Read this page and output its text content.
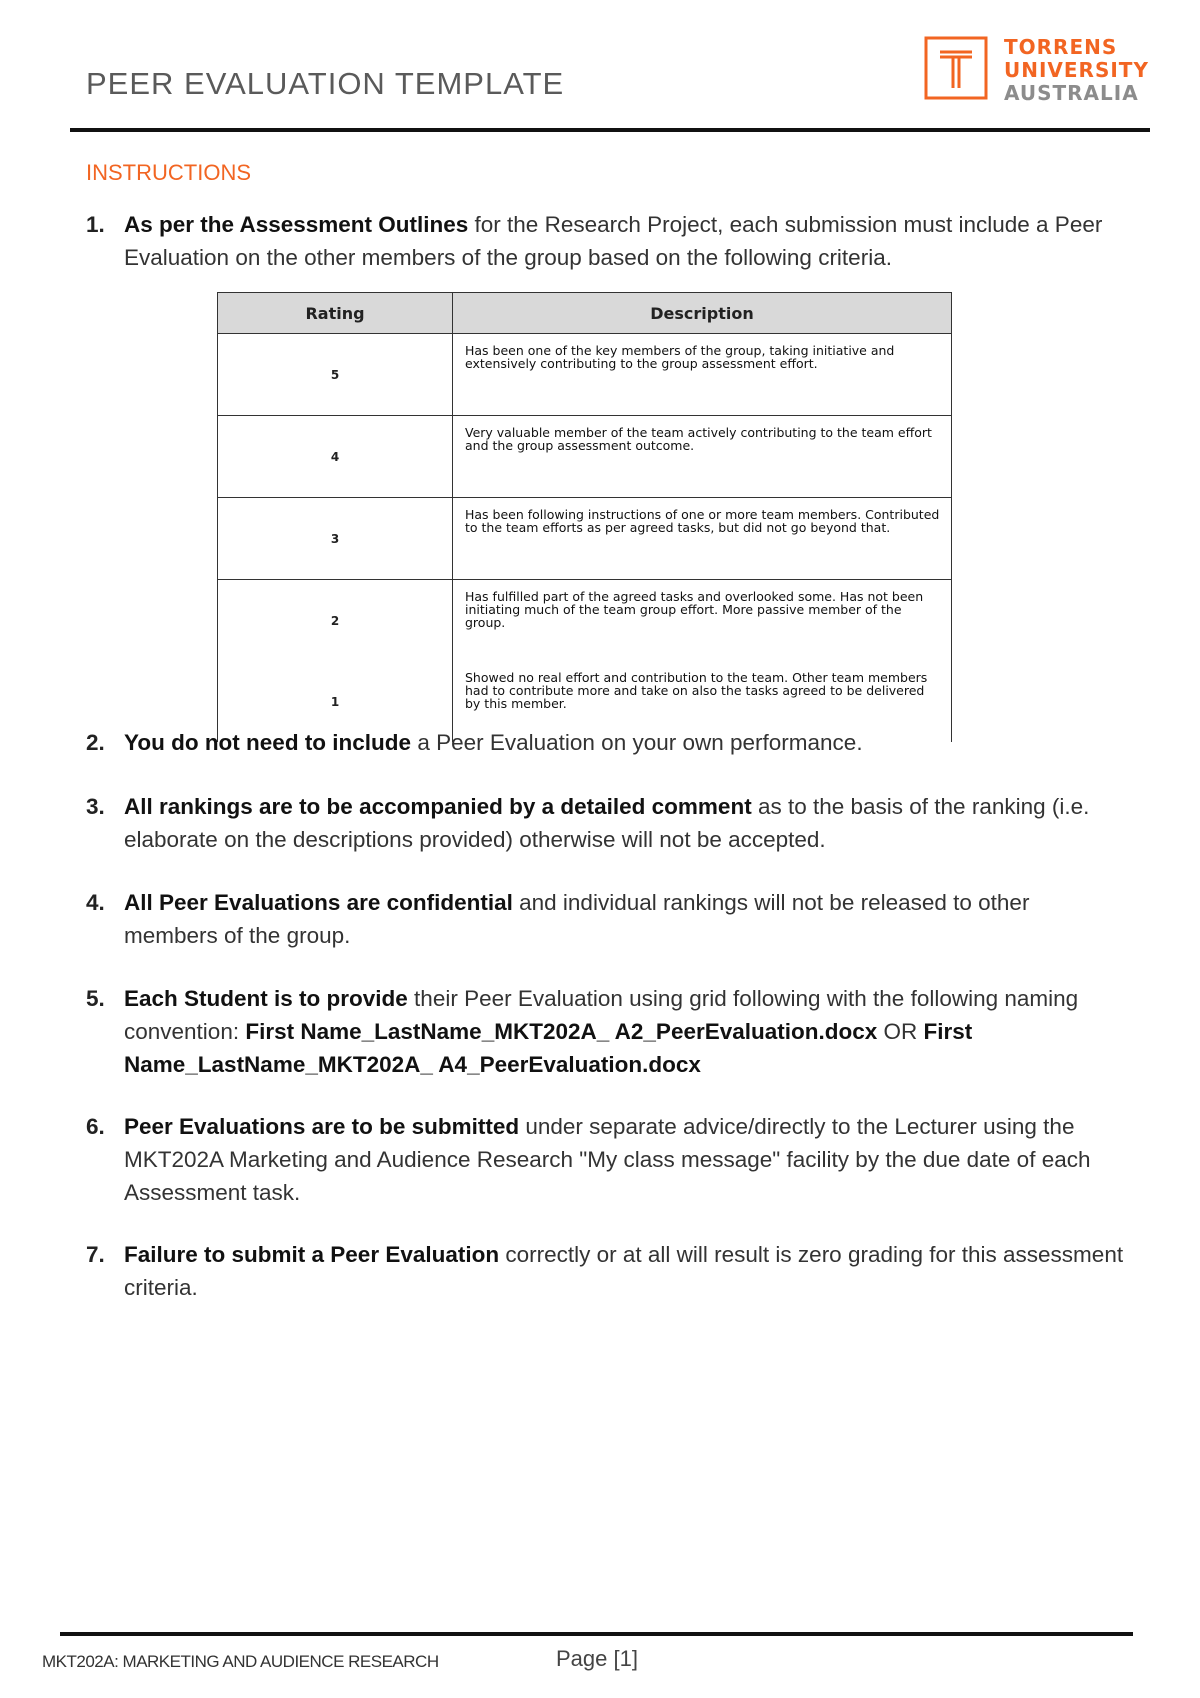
PEER EVALUATION TEMPLATE
TORRENS
UNIVERSITY
AUSTRALIA
INSTRUCTIONS
1. As per the Assessment Outlines for the Research Project, each submission must include a Peer Evaluation on the other members of the group based on the following criteria.
Rating	Description
5	Has been one of the key members of the group, taking initiative and extensively contributing to the group assessment effort.
4	Very valuable member of the team actively contributing to the team effort and the group assessment outcome.
3	Has been following instructions of one or more team members. Contributed to the team efforts as per agreed tasks, but did not go beyond that.
2	Has fulfilled part of the agreed tasks and overlooked some. Has not been initiating much of the team group effort. More passive member of the group.
1	Showed no real effort and contribution to the team. Other team members had to contribute more and take on also the tasks agreed to be delivered by this member.
2. You do not need to include a Peer Evaluation on your own performance.
3. All rankings are to be accompanied by a detailed comment as to the basis of the ranking (i.e. elaborate on the descriptions provided) otherwise will not be accepted.
4. All Peer Evaluations are confidential and individual rankings will not be released to other members of the group.
5. Each Student is to provide their Peer Evaluation using grid following with the following naming convention: First Name_LastName_MKT202A_ A2_PeerEvaluation.docx OR First Name_LastName_MKT202A_ A4_PeerEvaluation.docx
6. Peer Evaluations are to be submitted under separate advice/directly to the Lecturer using the MKT202A Marketing and Audience Research "My class message" facility by the due date of each Assessment task.
7. Failure to submit a Peer Evaluation correctly or at all will result is zero grading for this assessment criteria.
MKT202A: MARKETING AND AUDIENCE RESEARCH	Page [1]
